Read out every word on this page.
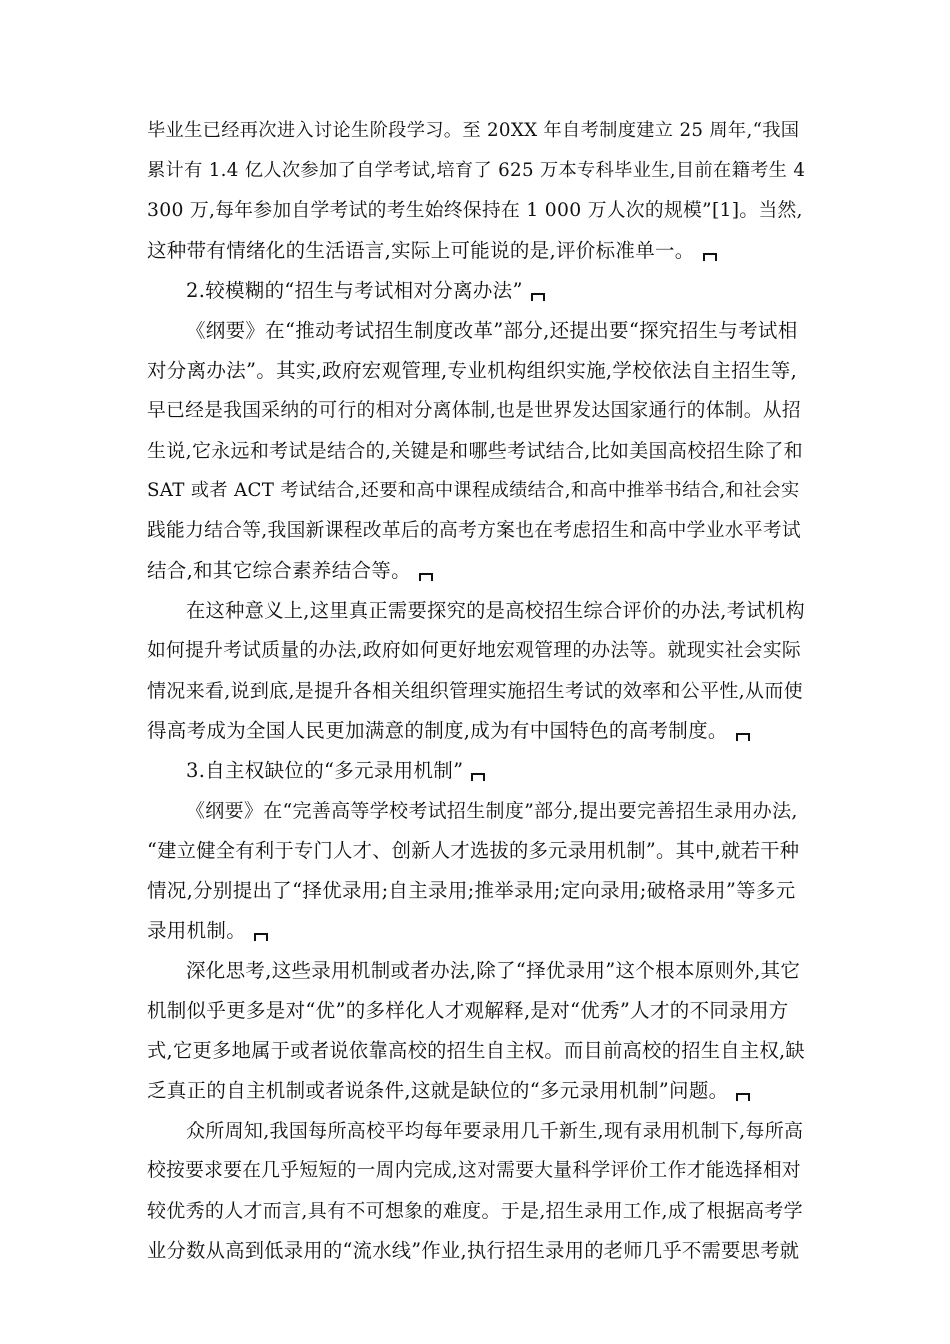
毕业生已经再次进入讨论生阶段学习。至 20XX 年自考制度建立 25 周年,“我国
累计有 1.4 亿人次参加了自学考试,培育了 625 万本专科毕业生,目前在籍考生 4
300 万,每年参加自学考试的考生始终保持在 1 000 万人次的规模”[1]。当然,
这种带有情绪化的生活语言,实际上可能说的是,评价标准单一。
2.较模糊的“招生与考试相对分离办法”
《纲要》在“推动考试招生制度改革”部分,还提出要“探究招生与考试相
对分离办法”。其实,政府宏观管理,专业机构组织实施,学校依法自主招生等,
早已经是我国采纳的可行的相对分离体制,也是世界发达国家通行的体制。从招
生说,它永远和考试是结合的,关键是和哪些考试结合,比如美国高校招生除了和
SAT 或者 ACT 考试结合,还要和高中课程成绩结合,和高中推举书结合,和社会实
践能力结合等,我国新课程改革后的高考方案也在考虑招生和高中学业水平考试
结合,和其它综合素养结合等。
在这种意义上,这里真正需要探究的是高校招生综合评价的办法,考试机构
如何提升考试质量的办法,政府如何更好地宏观管理的办法等。就现实社会实际
情况来看,说到底,是提升各相关组织管理实施招生考试的效率和公平性,从而使
得高考成为全国人民更加满意的制度,成为有中国特色的高考制度。
3.自主权缺位的“多元录用机制”
《纲要》在“完善高等学校考试招生制度”部分,提出要完善招生录用办法,
“建立健全有利于专门人才、创新人才选拔的多元录用机制”。其中,就若干种
情况,分别提出了“择优录用;自主录用;推举录用;定向录用;破格录用”等多元
录用机制。
深化思考,这些录用机制或者办法,除了“择优录用”这个根本原则外,其它
机制似乎更多是对“优”的多样化人才观解释,是对“优秀”人才的不同录用方
式,它更多地属于或者说依靠高校的招生自主权。而目前高校的招生自主权,缺
乏真正的自主机制或者说条件,这就是缺位的“多元录用机制”问题。
众所周知,我国每所高校平均每年要录用几千新生,现有录用机制下,每所高
校按要求要在几乎短短的一周内完成,这对需要大量科学评价工作才能选择相对
较优秀的人才而言,具有不可想象的难度。于是,招生录用工作,成了根据高考学
业分数从高到低录用的“流水线”作业,执行招生录用的老师几乎不需要思考就
